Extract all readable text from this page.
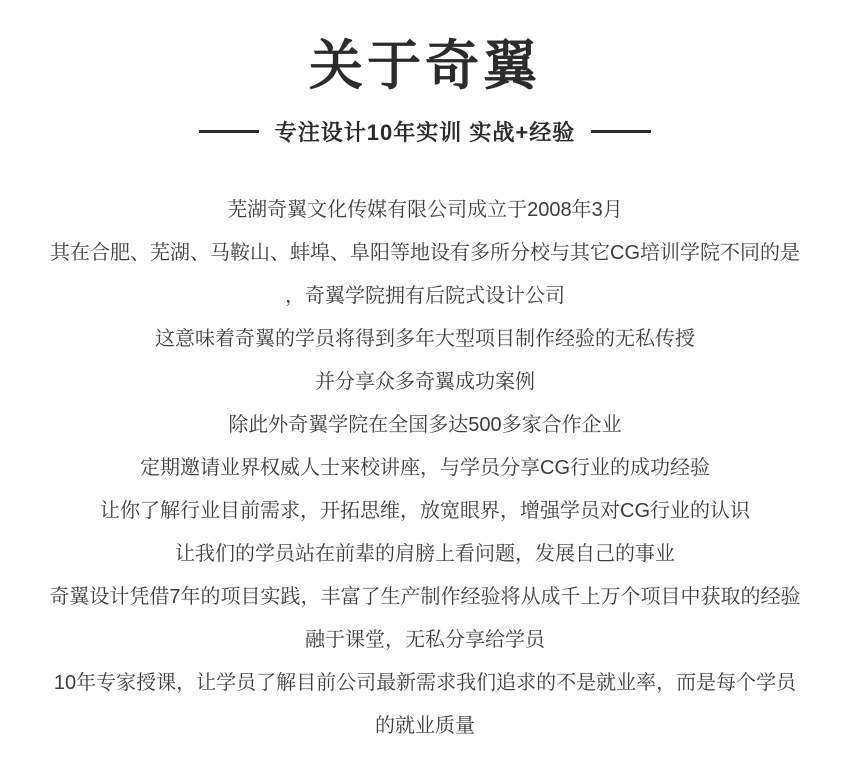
关于奇翼
专注设计10年实训 实战+经验

芜湖奇翼文化传媒有限公司成立于2008年3月

其在合肥、芜湖、马鞍山、蚌埠、阜阳等地设有多所分校与其它CG培训学院不同的是

，奇翼学院拥有后院式设计公司

这意味着奇翼的学员将得到多年大型项目制作经验的无私传授

并分享众多奇翼成功案例

除此外奇翼学院在全国多达500多家合作企业

定期邀请业界权威人士来校讲座，与学员分享CG行业的成功经验

让你了解行业目前需求，开拓思维，放宽眼界，增强学员对CG行业的认识

让我们的学员站在前辈的肩膀上看问题，发展自己的事业

奇翼设计凭借7年的项目实践，丰富了生产制作经验将从成千上万个项目中获取的经验

融于课堂，无私分享给学员

10年专家授课，让学员了解目前公司最新需求我们追求的不是就业率，而是每个学员

的就业质量
